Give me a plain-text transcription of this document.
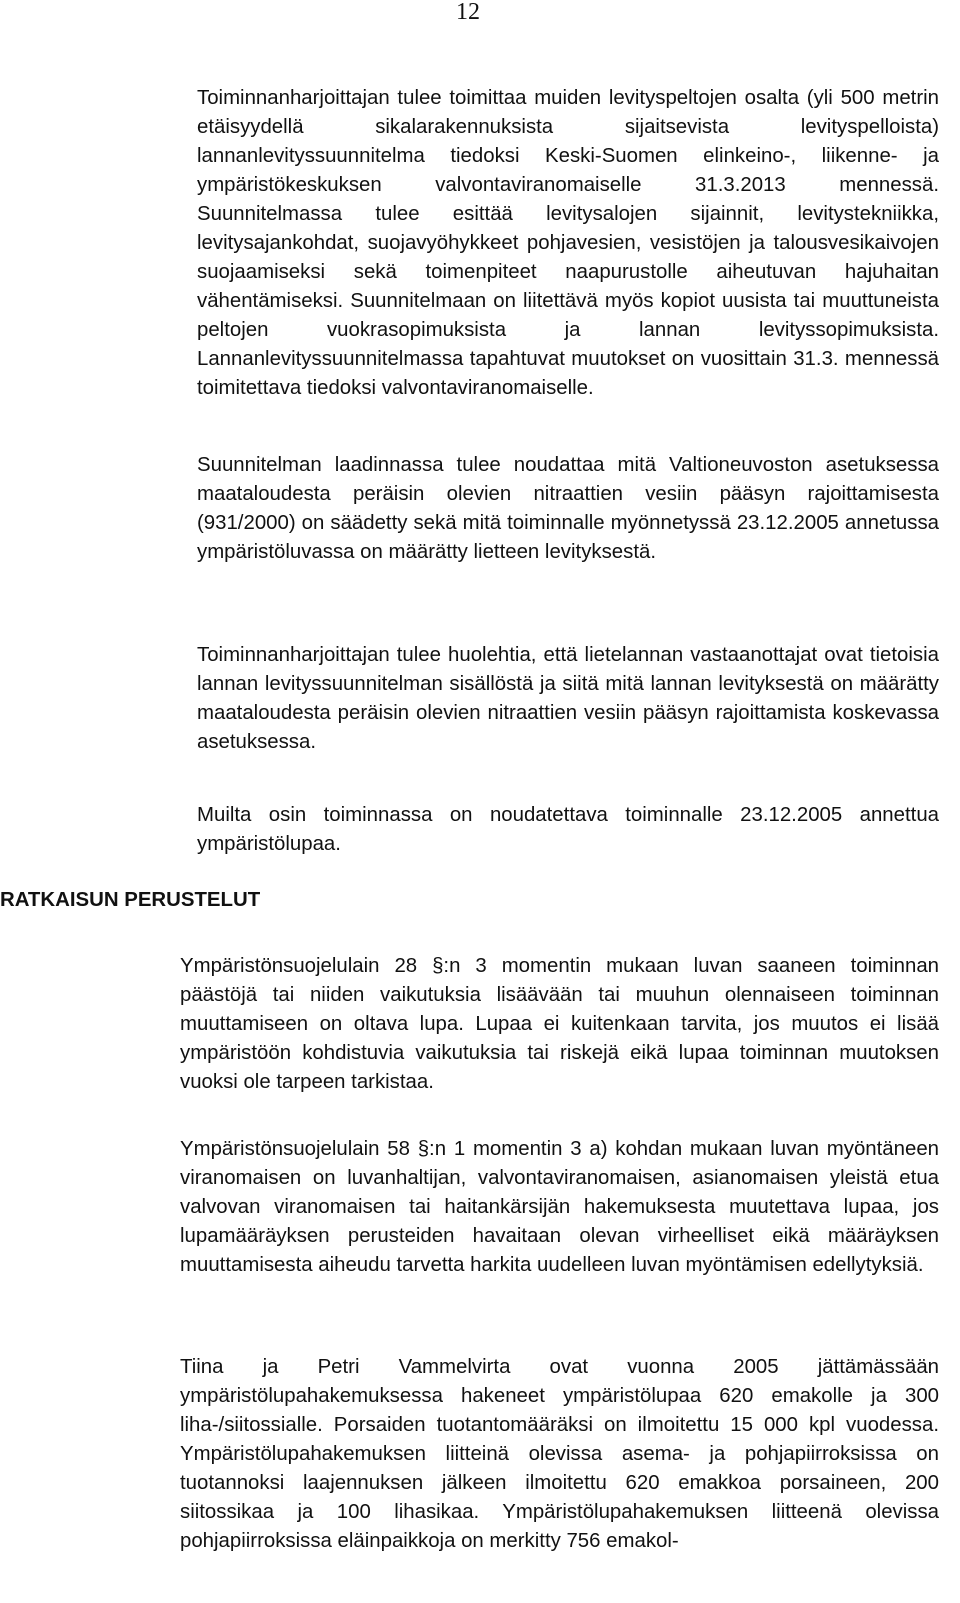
12

Toiminnanharjoittajan tulee toimittaa muiden levityspeltojen osalta (yli 500 metrin etäisyydellä sikalarakennuksista sijaitsevista levityspelloista) lannanlevityssuunnitelma tiedoksi Keski-Suomen elinkeino-, liikenne- ja ympäristökeskuksen valvontaviranomaiselle 31.3.2013 mennessä. Suunnitelmassa tulee esittää levitysalojen sijainnit, levitystekniikka, levitysajankohdat, suojavyöhykkeet pohjavesien, vesistöjen ja talousvesikaivojen suojaamiseksi sekä toimenpiteet naapurustolle aiheutuvan hajuhaitan vähentämiseksi. Suunnitelmaan on liitettävä myös kopiot uusista tai muuttuneista peltojen vuokrasopimuksista ja lannan levityssopimuksista. Lannanlevityssuunnitelmassa tapahtuvat muutokset on vuosittain 31.3. mennessä toimitettava tiedoksi valvontaviranomaiselle.

Suunnitelman laadinnassa tulee noudattaa mitä Valtioneuvoston asetuksessa maataloudesta peräisin olevien nitraattien vesiin pääsyn rajoittamisesta (931/2000) on säädetty sekä mitä toiminnalle myönnetyssä 23.12.2005 annetussa ympäristöluvassa on määrätty lietteen levityksestä.

Toiminnanharjoittajan tulee huolehtia, että lietelannan vastaanottajat ovat tietoisia lannan levityssuunnitelman sisällöstä ja siitä mitä lannan levityksestä on määrätty maataloudesta peräisin olevien nitraattien vesiin pääsyn rajoittamista koskevassa asetuksessa.

Muilta osin toiminnassa on noudatettava toiminnalle 23.12.2005 annettua ympäristölupaa.

RATKAISUN PERUSTELUT

Ympäristönsuojelulain 28 §:n 3 momentin mukaan luvan saaneen toiminnan päästöjä tai niiden vaikutuksia lisäävään tai muuhun olennaiseen toiminnan muuttamiseen on oltava lupa. Lupaa ei kuitenkaan tarvita, jos muutos ei lisää ympäristöön kohdistuvia vaikutuksia tai riskejä eikä lupaa toiminnan muutoksen vuoksi ole tarpeen tarkistaa.

Ympäristönsuojelulain 58 §:n 1 momentin 3 a) kohdan mukaan luvan myöntäneen viranomaisen on luvanhaltijan, valvontaviranomaisen, asianomaisen yleistä etua valvovan viranomaisen tai haitankärsijän hakemuksesta muutettava lupaa, jos lupamääräyksen perusteiden havaitaan olevan virheelliset eikä määräyksen muuttamisesta aiheudu tarvetta harkita uudelleen luvan myöntämisen edellytyksiä.

Tiina ja Petri Vammelvirta ovat vuonna 2005 jättämässään ympäristölupahakemuksessa hakeneet ympäristölupaa 620 emakolle ja 300 liha-/siitossialle. Porsaiden tuotantomääräksi on ilmoitettu 15 000 kpl vuodessa. Ympäristölupahakemuksen liitteinä olevissa asema- ja pohjapiirroksissa on tuotannoksi laajennuksen jälkeen ilmoitettu 620 emakkoa porsaineen, 200 siitossikaa ja 100 lihasikaa. Ympäristölupahakemuksen liitteenä olevissa pohjapiirroksissa eläinpaikkoja on merkitty 756 emakol-
